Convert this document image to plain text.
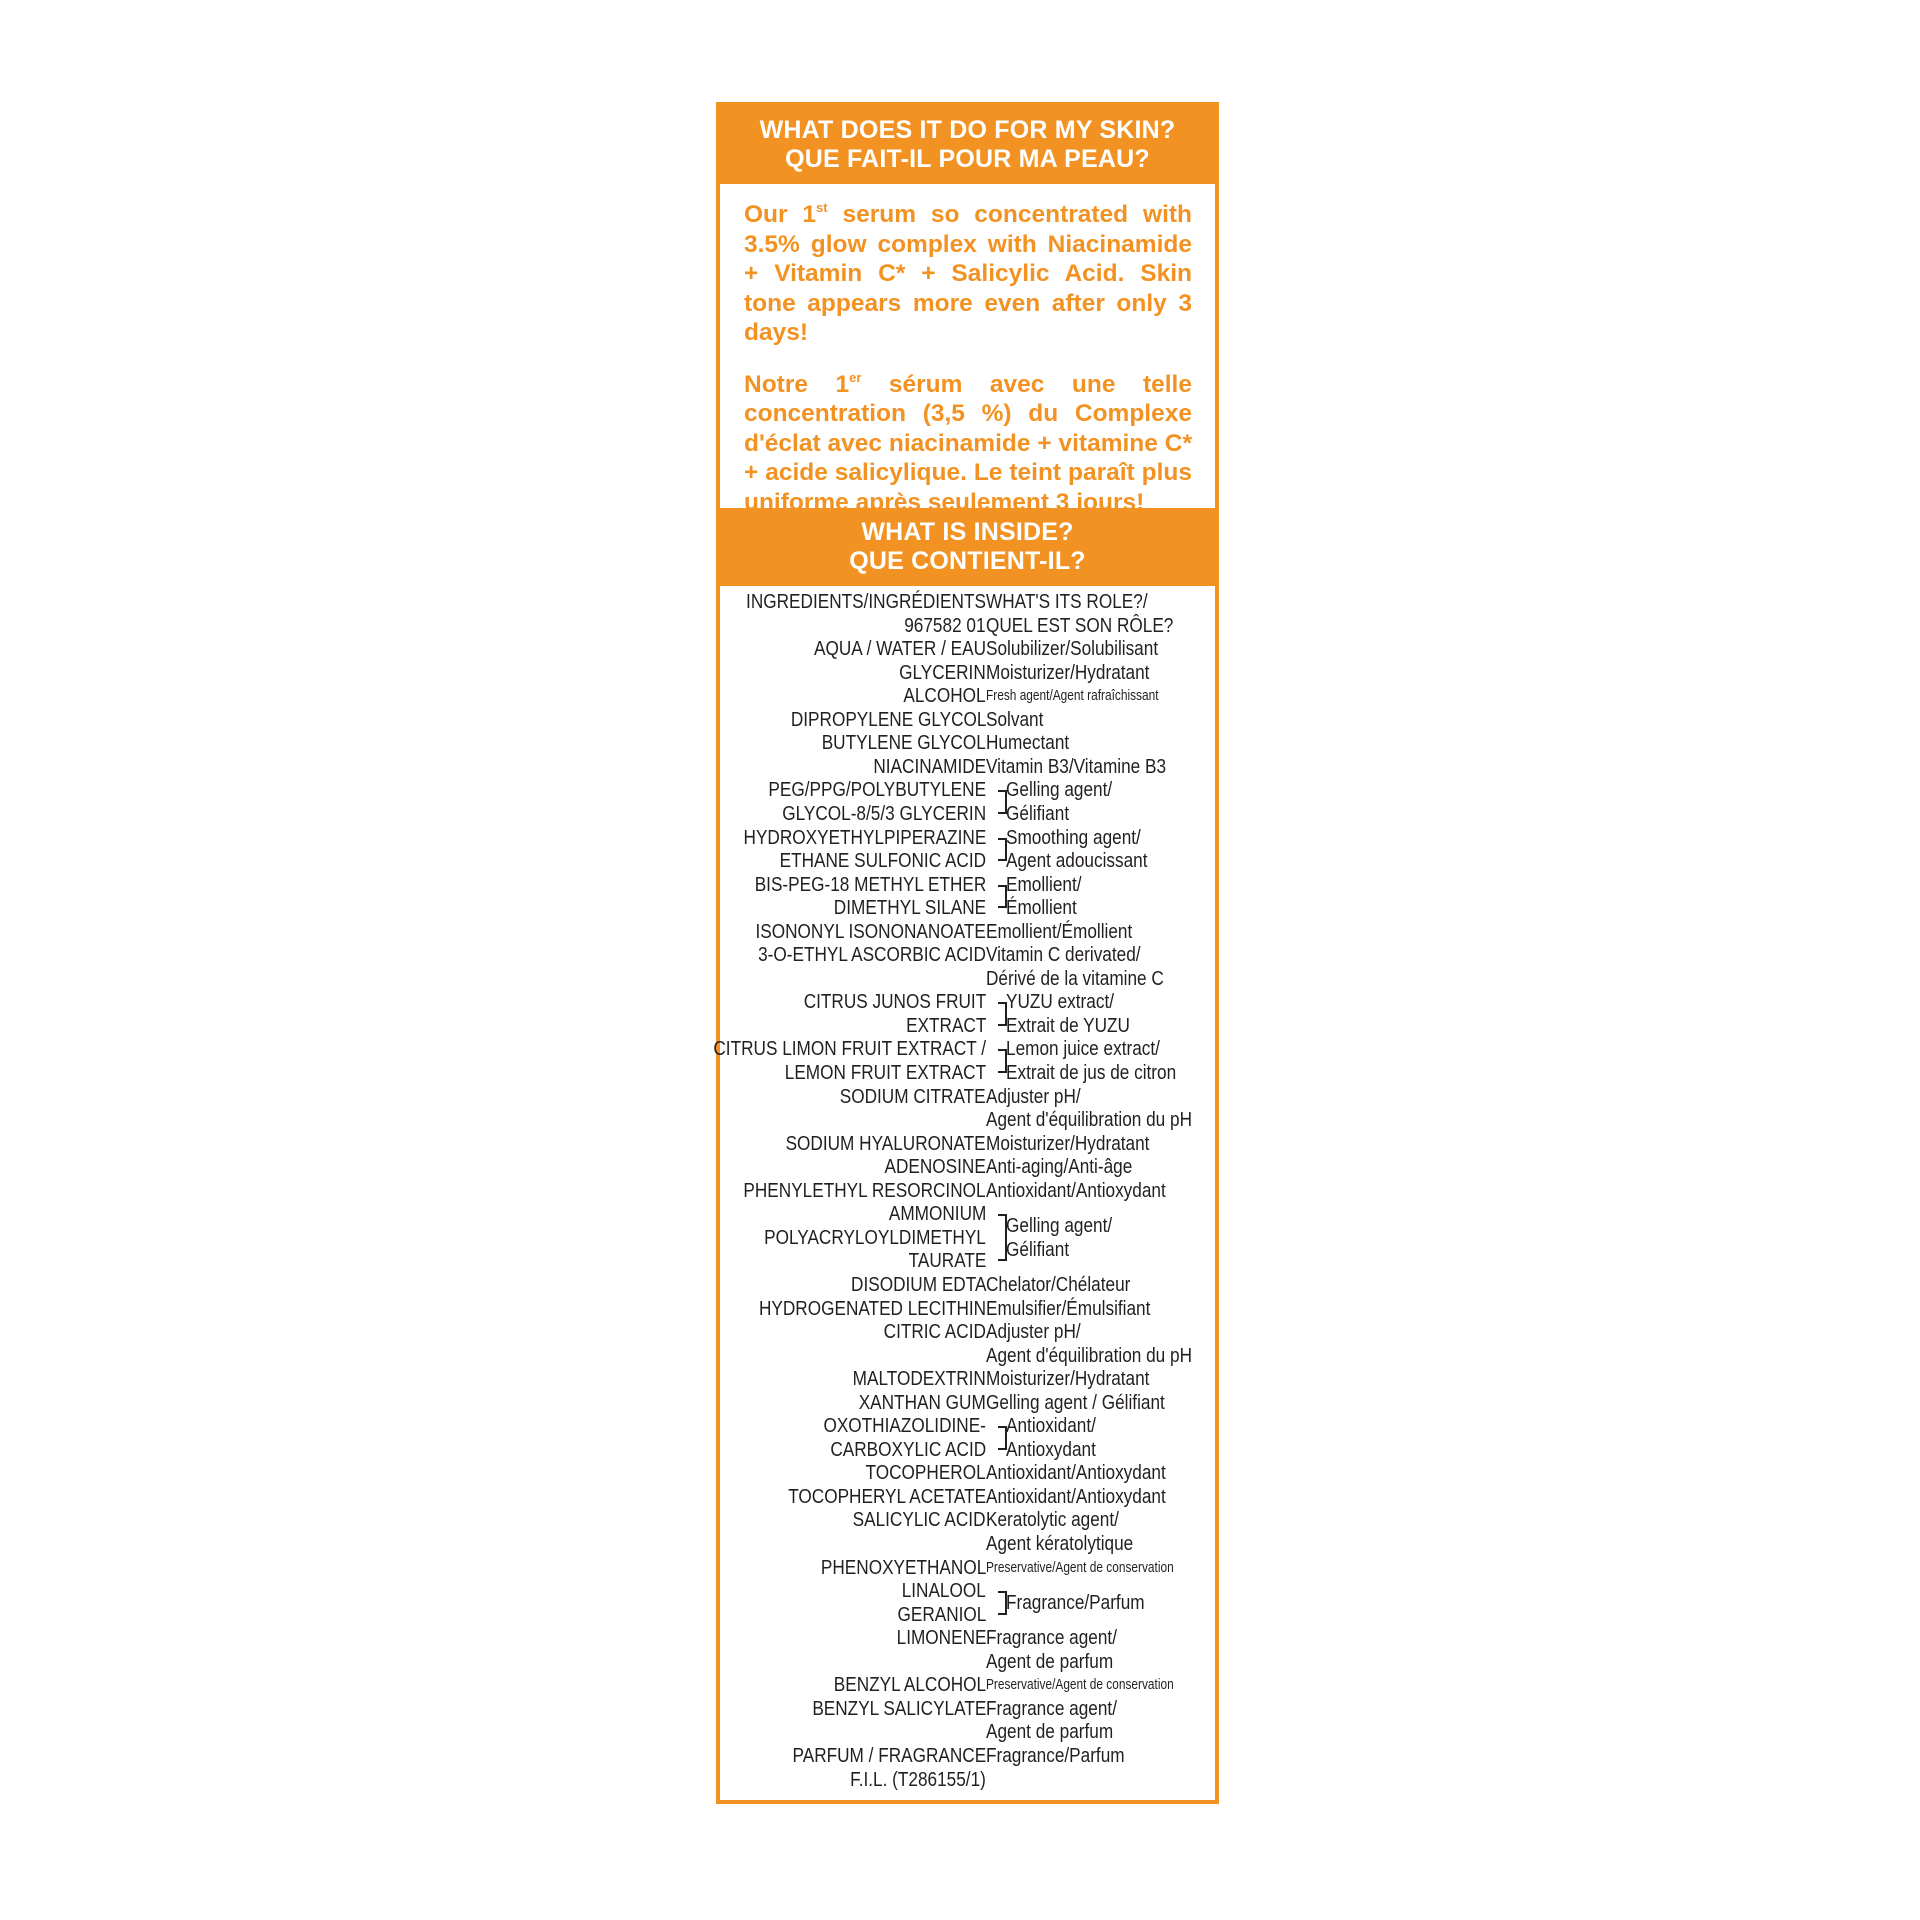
WHAT DOES IT DO FOR MY SKIN?
QUE FAIT-IL POUR MA PEAU?

Our 1st serum so concentrated with 3.5% glow complex with Niacinamide + Vitamin C* + Salicylic Acid. Skin tone appears more even after only 3 days!

Notre 1er sérum avec une telle concentration (3,5 %) du Complexe d'éclat avec niacinamide + vitamine C* + acide salicylique. Le teint paraît plus uniforme après seulement 3 jours!

WHAT IS INSIDE?
QUE CONTIENT-IL?
INGREDIENTS/INGRÉDIENTS WHAT'S ITS ROLE?/
967582 01 QUEL EST SON RÔLE?
AQUA / WATER / EAU Solubilizer/Solubilisant
GLYCERIN Moisturizer/Hydratant
ALCOHOL Fresh agent/Agent rafraîchissant
DIPROPYLENE GLYCOL Solvant
BUTYLENE GLYCOL Humectant
NIACINAMIDE Vitamin B3/Vitamine B3
PEG/PPG/POLYBUTYLENE Gelling agent/
GLYCOL-8/5/3 GLYCERIN Gélifiant
HYDROXYETHYLPIPERAZINE Smoothing agent/
ETHANE SULFONIC ACID Agent adoucissant
BIS-PEG-18 METHYL ETHER Emollient/
DIMETHYL SILANE Émollient
ISONONYL ISONONANOATE Emollient/Émollient
3-O-ETHYL ASCORBIC ACID Vitamin C derivated/
Dérivé de la vitamine C
CITRUS JUNOS FRUIT YUZU extract/
EXTRACT Extrait de YUZU
CITRUS LIMON FRUIT EXTRACT / Lemon juice extract/
LEMON FRUIT EXTRACT Extrait de jus de citron
SODIUM CITRATE Adjuster pH/
Agent d'équilibration du pH
SODIUM HYALURONATE Moisturizer/Hydratant
ADENOSINE Anti-aging/Anti-âge
PHENYLETHYL RESORCINOL Antioxidant/Antioxydant
AMMONIUM
POLYACRYLOYLDIMETHYL
TAURATE
DISODIUM EDTA Chelator/Chélateur
HYDROGENATED LECITHIN Emulsifier/Émulsifiant
CITRIC ACID Adjuster pH/
Agent d'équilibration du pH
MALTODEXTRIN Moisturizer/Hydratant
XANTHAN GUM Gelling agent / Gélifiant
OXOTHIAZOLIDINE- Antioxidant/
CARBOXYLIC ACID Antioxydant
TOCOPHEROL Antioxidant/Antioxydant
TOCOPHERYL ACETATE Antioxidant/Antioxydant
SALICYLIC ACID Keratolytic agent/
Agent kératolytique
PHENOXYETHANOL Preservative/Agent de conservation
LINALOOL
GERANIOL
LIMONENE Fragrance agent/
Agent de parfum
BENZYL ALCOHOL Preservative/Agent de conservation
BENZYL SALICYLATE Fragrance agent/
Agent de parfum
PARFUM / FRAGRANCE Fragrance/Parfum
F.I.L. (T286155/1)
Gelling agent/
Gélifiant
Fragrance/Parfum
